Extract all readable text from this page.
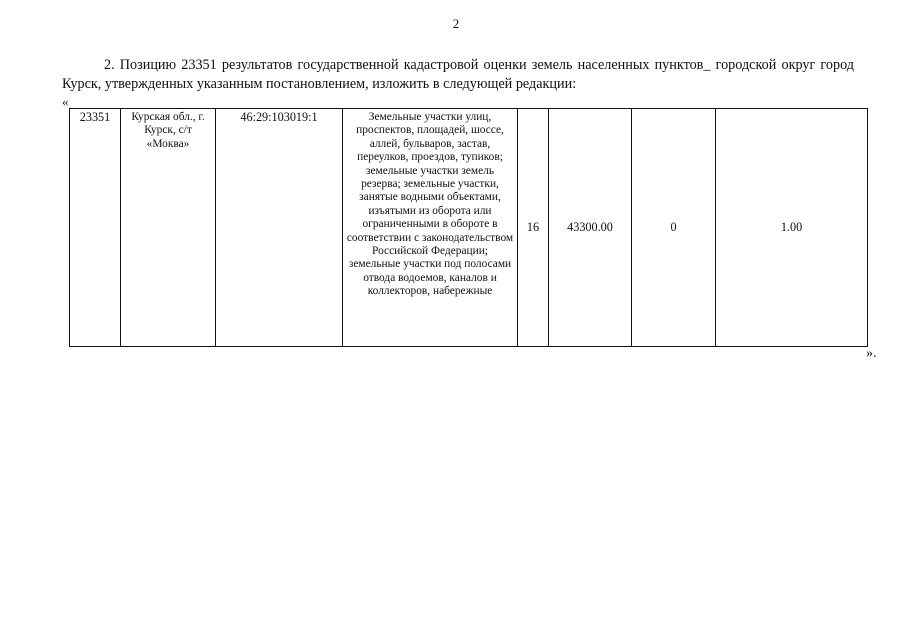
2

2. Позицию 23351 результатов государственной кадастровой оценки земель населенных пунктов_ городской округ город Курск, утвержденных указанным постановлением, изложить в следующей редакции:

«
23351	Курская обл., г. Курск, с/т «Моква»	46:29:103019:1	Земельные участки улиц, проспектов, площадей, шоссе, аллей, бульваров, застав, переулков, проездов, тупиков; земельные участки земель резерва; земельные участки, занятые водными объектами, изъятыми из оборота или ограниченными в обороте в соответствии с законодательством Российской Федерации; земельные участки под полосами отвода водоемов, каналов и коллекторов, набережные	16	43300.00	0	1.00
».
